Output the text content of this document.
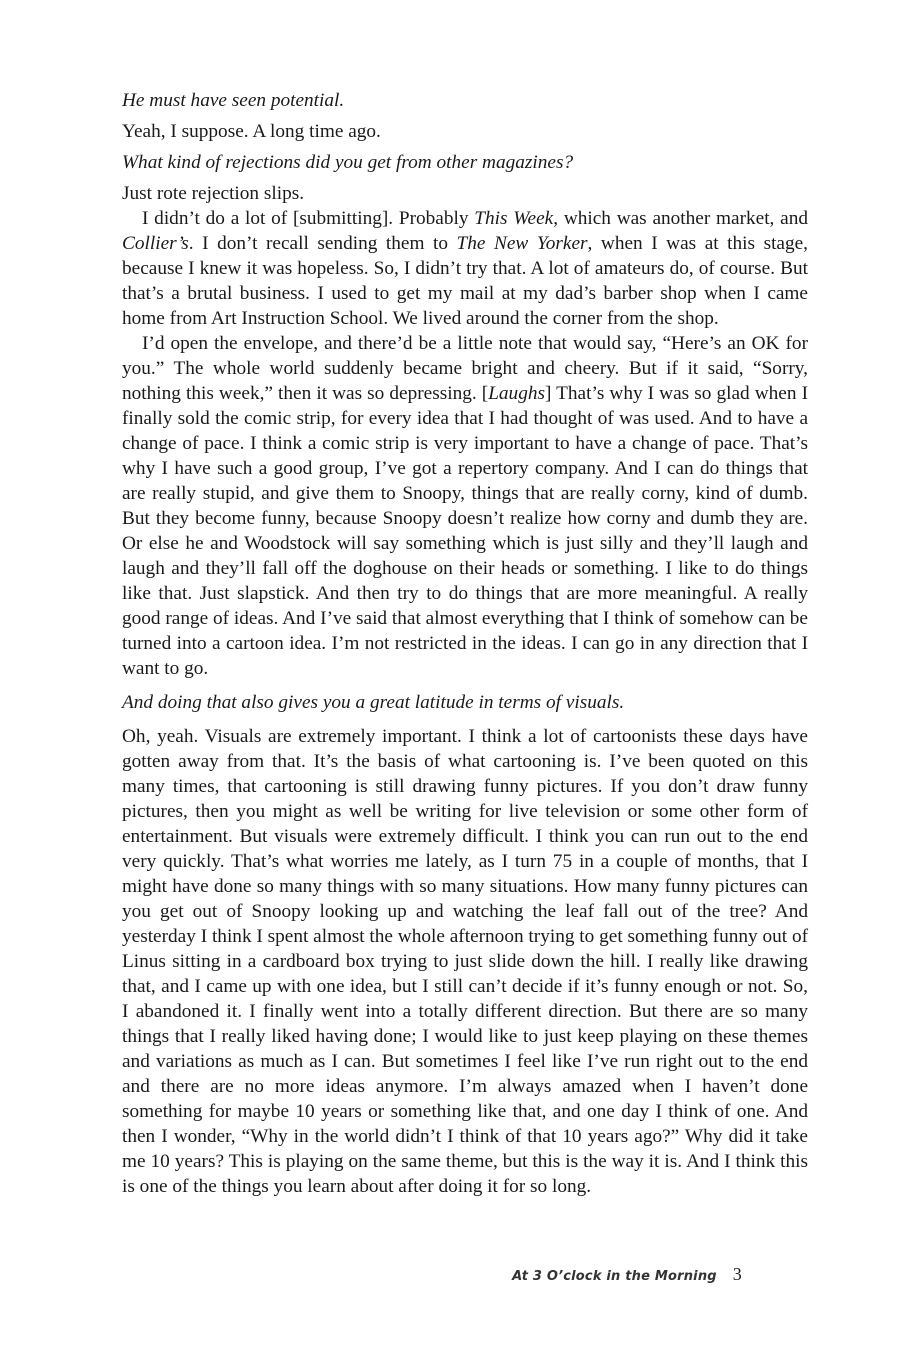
He must have seen potential.

Yeah, I suppose. A long time ago.

What kind of rejections did you get from other magazines?

Just rote rejection slips.

I didn’t do a lot of [submitting]. Probably This Week, which was another market, and Collier’s. I don’t recall sending them to The New Yorker, when I was at this stage, because I knew it was hopeless. So, I didn’t try that. A lot of amateurs do, of course. But that’s a brutal business. I used to get my mail at my dad’s barber shop when I came home from Art Instruction School. We lived around the corner from the shop.

I’d open the envelope, and there’d be a little note that would say, “Here’s an OK for you.” The whole world suddenly became bright and cheery. But if it said, “Sorry, nothing this week,” then it was so depressing. [Laughs] That’s why I was so glad when I finally sold the comic strip, for every idea that I had thought of was used. And to have a change of pace. I think a comic strip is very important to have a change of pace. That’s why I have such a good group, I’ve got a repertory company. And I can do things that are really stupid, and give them to Snoopy, things that are really corny, kind of dumb. But they become funny, because Snoopy doesn’t realize how corny and dumb they are. Or else he and Woodstock will say something which is just silly and they’ll laugh and laugh and they’ll fall off the doghouse on their heads or something. I like to do things like that. Just slapstick. And then try to do things that are more meaningful. A really good range of ideas. And I’ve said that almost everything that I think of somehow can be turned into a cartoon idea. I’m not restricted in the ideas. I can go in any direction that I want to go.

And doing that also gives you a great latitude in terms of visuals.

Oh, yeah. Visuals are extremely important. I think a lot of cartoonists these days have gotten away from that. It’s the basis of what cartooning is. I’ve been quoted on this many times, that cartooning is still drawing funny pictures. If you don’t draw funny pictures, then you might as well be writing for live television or some other form of entertainment. But visuals were extremely difficult. I think you can run out to the end very quickly. That’s what worries me lately, as I turn 75 in a couple of months, that I might have done so many things with so many situations. How many funny pictures can you get out of Snoopy looking up and watching the leaf fall out of the tree? And yesterday I think I spent almost the whole afternoon trying to get something funny out of Linus sitting in a cardboard box trying to just slide down the hill. I really like drawing that, and I came up with one idea, but I still can’t decide if it’s funny enough or not. So, I abandoned it. I finally went into a totally different direction. But there are so many things that I really liked having done; I would like to just keep playing on these themes and variations as much as I can. But sometimes I feel like I’ve run right out to the end and there are no more ideas anymore. I’m always amazed when I haven’t done something for maybe 10 years or something like that, and one day I think of one. And then I wonder, “Why in the world didn’t I think of that 10 years ago?” Why did it take me 10 years? This is playing on the same theme, but this is the way it is. And I think this is one of the things you learn about after doing it for so long.

At 3 O’clock in the Morning 3
